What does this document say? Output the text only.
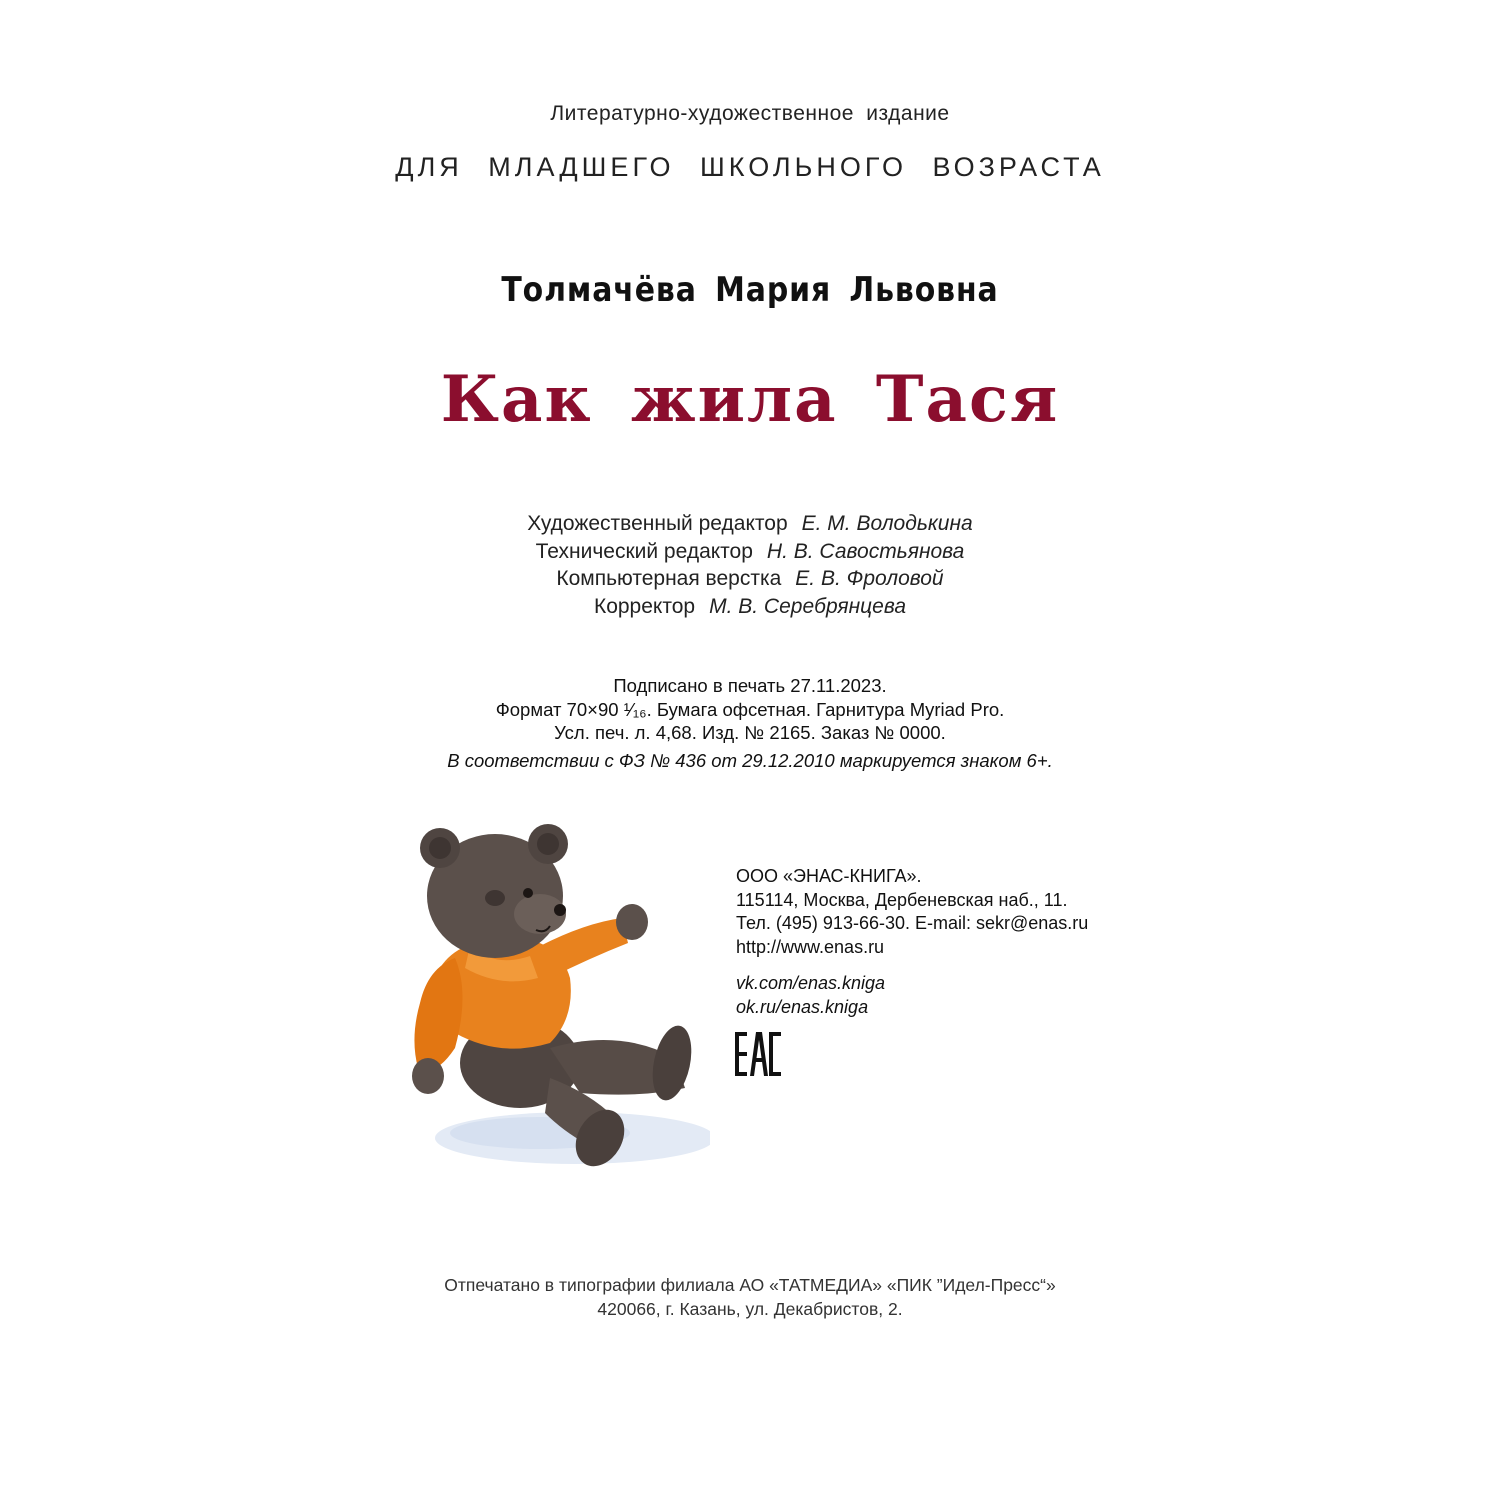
Литературно-художественное издание
ДЛЯ МЛАДШЕГО ШКОЛЬНОГО ВОЗРАСТА
Толмачёва Мария Львовна
Как жила Тася
Художественный редактор Е. М. Володькина
Технический редактор Н. В. Савостьянова
Компьютерная верстка Е. В. Фроловой
Корректор М. В. Серебрянцева
Подписано в печать 27.11.2023.
Формат 70×90 ¹⁄₁₆. Бумага офсетная. Гарнитура Myriad Pro.
Усл. печ. л. 4,68. Изд. № 2165. Заказ № 0000.
В соответствии с ФЗ № 436 от 29.12.2010 маркируется знаком 6+.
ООО «ЭНАС-КНИГА».
115114, Москва, Дербеневская наб., 11.
Тел. (495) 913-66-30. E-mail: sekr@enas.ru
http://www.enas.ru
vk.com/enas.kniga
ok.ru/enas.kniga
Отпечатано в типографии филиала АО «ТАТМЕДИА» «ПИК ”Идел-Пресс“»
420066, г. Казань, ул. Декабристов, 2.
